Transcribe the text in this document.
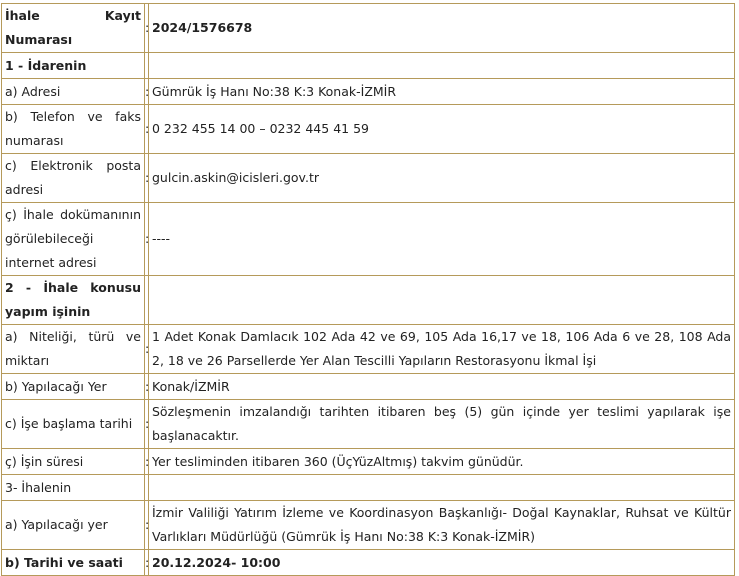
İhale Kayıt Numarası	:	2024/1576678
1 - İdarenin		
a) Adresi	:	Gümrük İş Hanı No:38 K:3 Konak-İZMİR
b) Telefon ve faks numarası	:	0 232 455 14 00 – 0232 445 41 59
c) Elektronik posta adresi	:	gulcin.askin@icisleri.gov.tr
ç) İhale dokümanının görülebileceği internet adresi	:	----
2 - İhale konusu yapım işinin		
a) Niteliği, türü ve miktarı	:	1 Adet Konak Damlacık 102 Ada 42 ve 69, 105 Ada 16,17 ve 18, 106 Ada 6 ve 28, 108 Ada 2, 18 ve 26 Parsellerde Yer Alan Tescilli Yapıların Restorasyonu İkmal İşi
b) Yapılacağı Yer	:	Konak/İZMİR
c) İşe başlama tarihi	:	Sözleşmenin imzalandığı tarihten itibaren beş (5) gün içinde yer teslimi yapılarak işe başlanacaktır.
ç) İşin süresi	:	Yer tesliminden itibaren 360 (ÜçYüzAltmış) takvim günüdür.
3- İhalenin		
a) Yapılacağı yer	:	İzmir Valiliği Yatırım İzleme ve Koordinasyon Başkanlığı- Doğal Kaynaklar, Ruhsat ve Kültür Varlıkları Müdürlüğü (Gümrük İş Hanı No:38 K:3 Konak-İZMİR)
b) Tarihi ve saati	:	20.12.2024- 10:00
